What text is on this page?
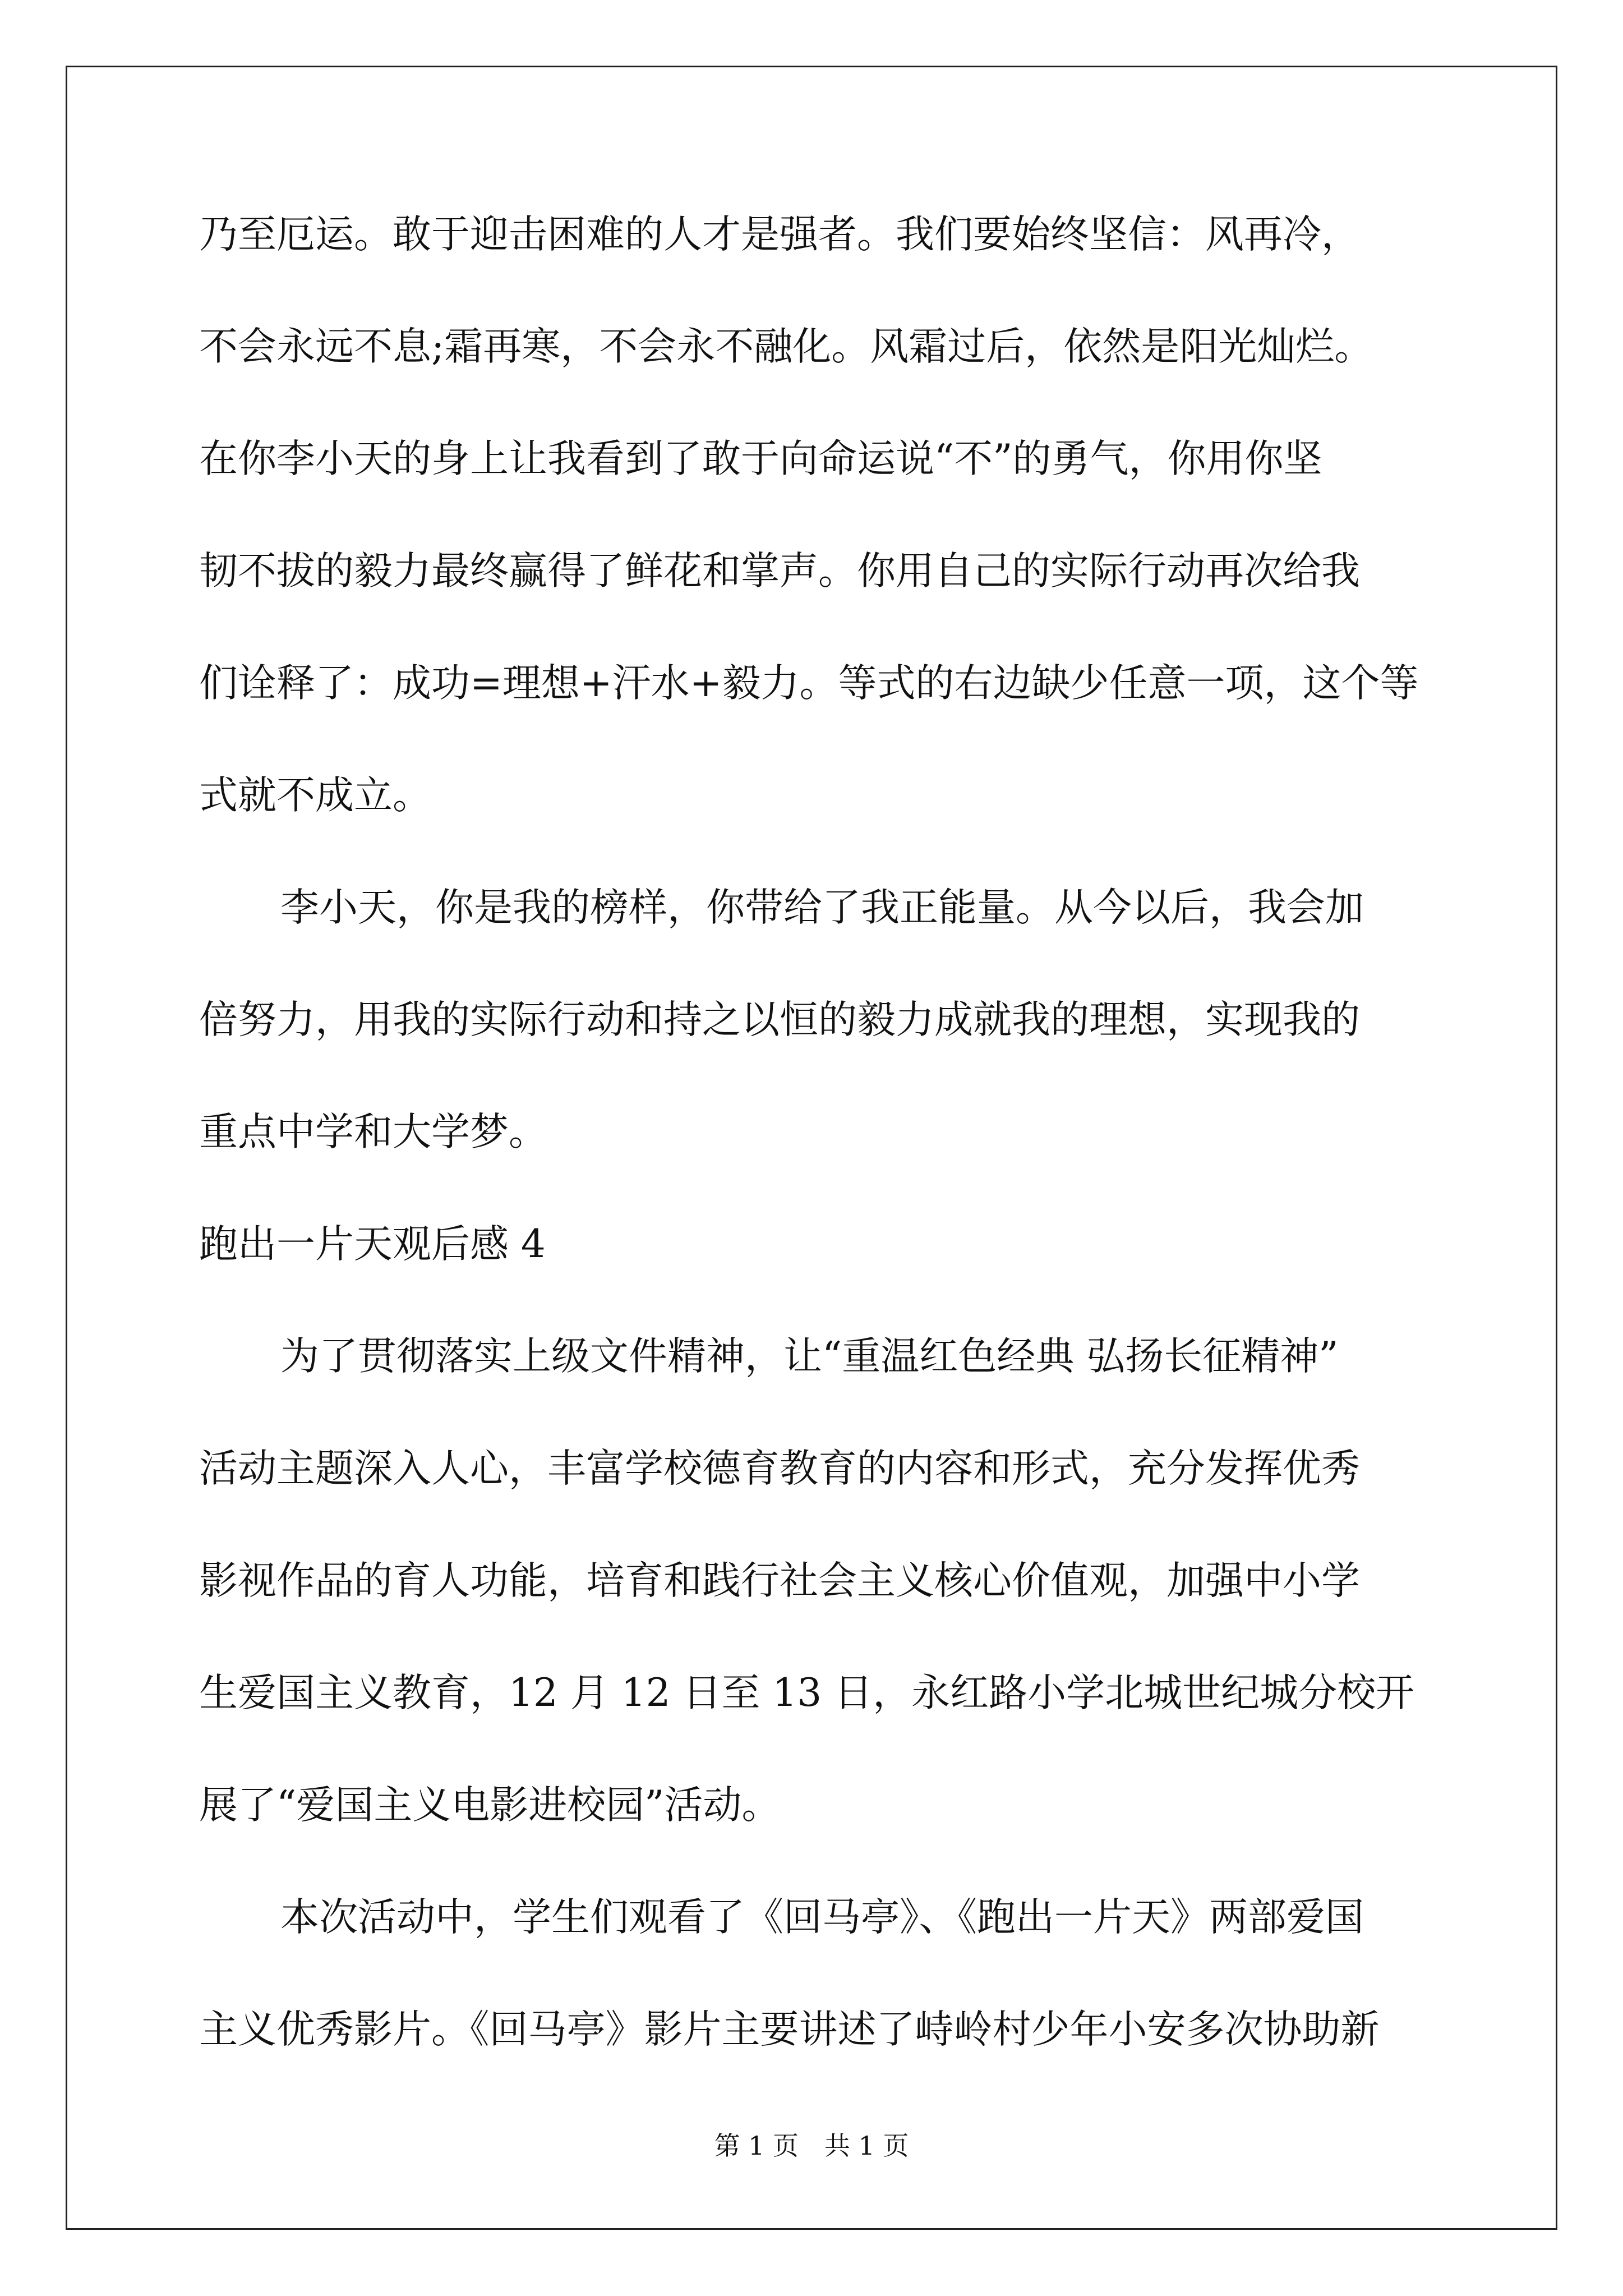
乃至厄运。敢于迎击困难的人才是强者。我们要始终坚信：风再冷，
不会永远不息;霜再寒，不会永不融化。风霜过后，依然是阳光灿烂。
在你李小天的身上让我看到了敢于向命运说“不”的勇气，你用你坚
韧不拔的毅力最终赢得了鲜花和掌声。你用自己的实际行动再次给我
们诠释了：成功=理想+汗水+毅力。等式的右边缺少任意一项，这个等
式就不成立。
李小天，你是我的榜样，你带给了我正能量。从今以后，我会加
倍努力，用我的实际行动和持之以恒的毅力成就我的理想，实现我的
重点中学和大学梦。
跑出一片天观后感 4
为了贯彻落实上级文件精神，让“重温红色经典 弘扬长征精神”
活动主题深入人心，丰富学校德育教育的内容和形式，充分发挥优秀
影视作品的育人功能，培育和践行社会主义核心价值观，加强中小学
生爱国主义教育，12 月 12 日至 13 日，永红路小学北城世纪城分校开
展了“爱国主义电影进校园”活动。
本次活动中，学生们观看了《回马亭》、《跑出一片天》两部爱国
主义优秀影片。《回马亭》影片主要讲述了峙岭村少年小安多次协助新
第 1 页　共 1 页
